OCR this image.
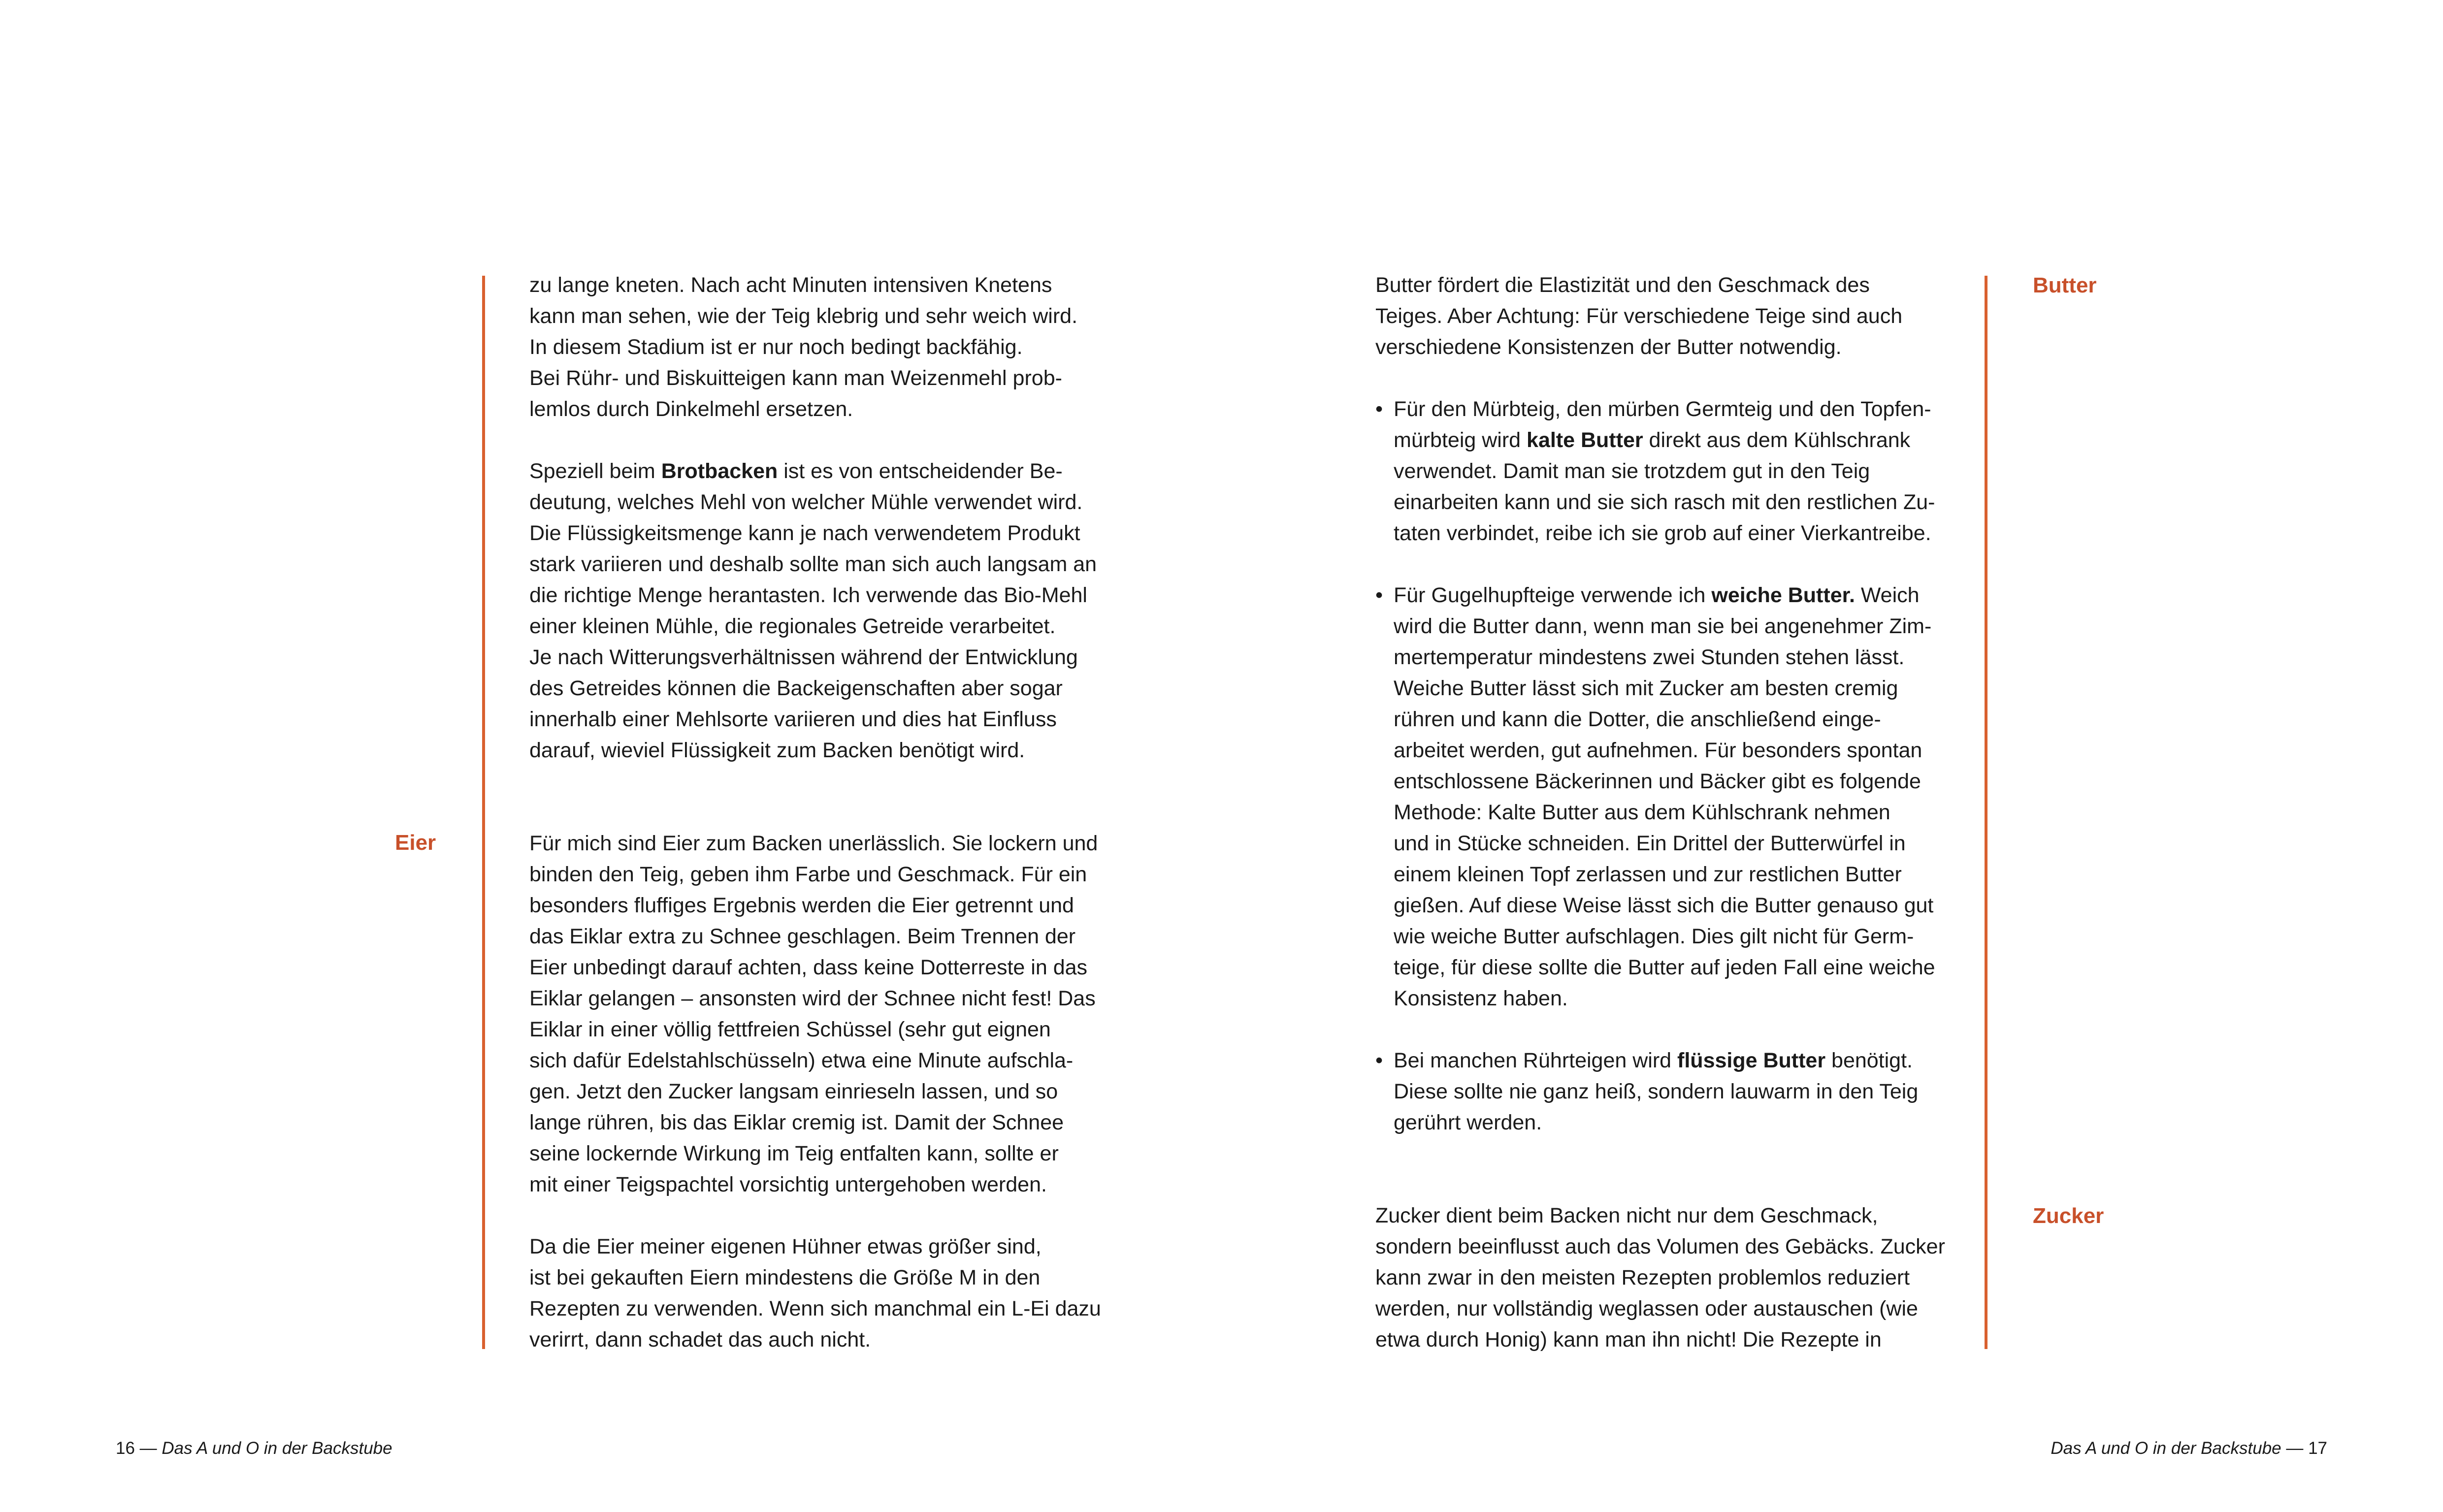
Eier

zu lange kneten. Nach acht Minuten intensiven Knetens

kann man sehen, wie der Teig klebrig und sehr weich wird.

In diesem Stadium ist er nur noch bedingt backfähig.

Bei Rühr- und Biskuitteigen kann man Weizenmehl prob-

lemlos durch Dinkelmehl ersetzen.

Speziell beim Brotbacken ist es von entscheidender Be-

deutung, welches Mehl von welcher Mühle verwendet wird.

Die Flüssigkeitsmenge kann je nach verwendetem Produkt

stark variieren und deshalb sollte man sich auch langsam an

die richtige Menge herantasten. Ich verwende das Bio-Mehl

einer kleinen Mühle, die regionales Getreide verarbeitet.

Je nach Witterungsverhältnissen während der Entwicklung

des Getreides können die Backeigenschaften aber sogar

innerhalb einer Mehlsorte variieren und dies hat Einfluss

darauf, wieviel Flüssigkeit zum Backen benötigt wird.

Für mich sind Eier zum Backen unerlässlich. Sie lockern und

binden den Teig, geben ihm Farbe und Geschmack. Für ein

besonders fluffiges Ergebnis werden die Eier getrennt und

das Eiklar extra zu Schnee geschlagen. Beim Trennen der

Eier unbedingt darauf achten, dass keine Dotterreste in das

Eiklar gelangen – ansonsten wird der Schnee nicht fest! Das

Eiklar in einer völlig fettfreien Schüssel (sehr gut eignen

sich dafür Edelstahlschüsseln) etwa eine Minute aufschla-

gen. Jetzt den Zucker langsam einrieseln lassen, und so

lange rühren, bis das Eiklar cremig ist. Damit der Schnee

seine lockernde Wirkung im Teig entfalten kann, sollte er

mit einer Teigspachtel vorsichtig untergehoben werden.

Da die Eier meiner eigenen Hühner etwas größer sind,

ist bei gekauften Eiern mindestens die Größe M in den

Rezepten zu verwenden. Wenn sich manchmal ein L-Ei dazu

verirrt, dann schadet das auch nicht.

16 — Das A und O in der Backstube
Butter
Zucker

Butter fördert die Elastizität und den Geschmack des

Teiges. Aber Achtung: Für verschiedene Teige sind auch

verschiedene Konsistenzen der Butter notwendig.

• Für den Mürbteig, den mürben Germteig und den Topfen-

mürbteig wird kalte Butter direkt aus dem Kühlschrank

verwendet. Damit man sie trotzdem gut in den Teig

einarbeiten kann und sie sich rasch mit den restlichen Zu-

taten verbindet, reibe ich sie grob auf einer Vierkantreibe.

• Für Gugelhupfteige verwende ich weiche Butter. Weich

wird die Butter dann, wenn man sie bei angenehmer Zim-

mertemperatur mindestens zwei Stunden stehen lässt.

Weiche Butter lässt sich mit Zucker am besten cremig

rühren und kann die Dotter, die anschließend einge-

arbeitet werden, gut aufnehmen. Für besonders spontan

entschlossene Bäckerinnen und Bäcker gibt es folgende

Methode: Kalte Butter aus dem Kühlschrank nehmen

und in Stücke schneiden. Ein Drittel der Butterwürfel in

einem kleinen Topf zerlassen und zur restlichen Butter

gießen. Auf diese Weise lässt sich die Butter genauso gut

wie weiche Butter aufschlagen. Dies gilt nicht für Germ-

teige, für diese sollte die Butter auf jeden Fall eine weiche

Konsistenz haben.

• Bei manchen Rührteigen wird flüssige Butter benötigt.

Diese sollte nie ganz heiß, sondern lauwarm in den Teig

gerührt werden.

Zucker dient beim Backen nicht nur dem Geschmack,

sondern beeinflusst auch das Volumen des Gebäcks. Zucker

kann zwar in den meisten Rezepten problemlos reduziert

werden, nur vollständig weglassen oder austauschen (wie

etwa durch Honig) kann man ihn nicht! Die Rezepte in

Das A und O in der Backstube — 17
